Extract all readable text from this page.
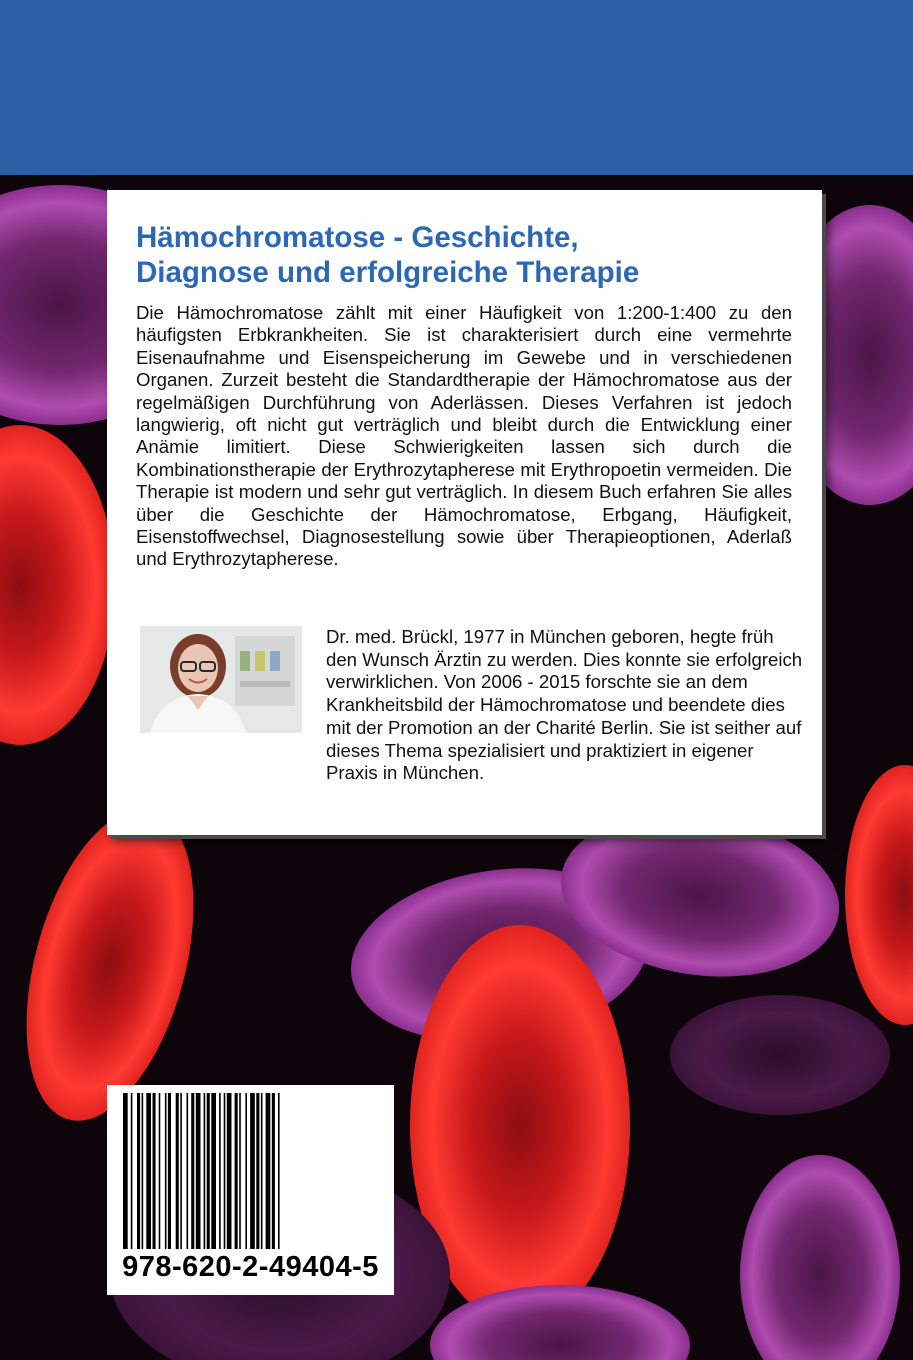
Hämochromatose - Geschichte,
Diagnose und erfolgreiche Therapie

Die Hämochromatose zählt mit einer Häufigkeit von 1:200-1:400 zu den häufigsten Erbkrankheiten. Sie ist charakterisiert durch eine vermehrte Eisenaufnahme und Eisenspeicherung im Gewebe und in verschiedenen Organen. Zurzeit besteht die Standardtherapie der Hämochromatose aus der regelmäßigen Durchführung von Aderlässen. Dieses Verfahren ist jedoch langwierig, oft nicht gut verträglich und bleibt durch die Entwicklung einer Anämie limitiert. Diese Schwierigkeiten lassen sich durch die Kombinationstherapie der Erythrozytapherese mit Erythropoetin vermeiden. Die Therapie ist modern und sehr gut verträglich. In diesem Buch erfahren Sie alles über die Geschichte der Hämochromatose, Erbgang, Häufigkeit, Eisenstoffwechsel, Diagnosestellung sowie über Therapieoptionen, Aderlaß und Erythrozytapherese.

Dr. med. Brückl, 1977 in München geboren, hegte früh den Wunsch Ärztin zu werden. Dies konnte sie erfolgreich verwirklichen. Von 2006 - 2015 forschte sie an dem Krankheitsbild der Hämochromatose und beendete dies mit der Promotion an der Charité Berlin. Sie ist seither auf dieses Thema spezialisiert und praktiziert in eigener Praxis in München.

978-620-2-49404-5
